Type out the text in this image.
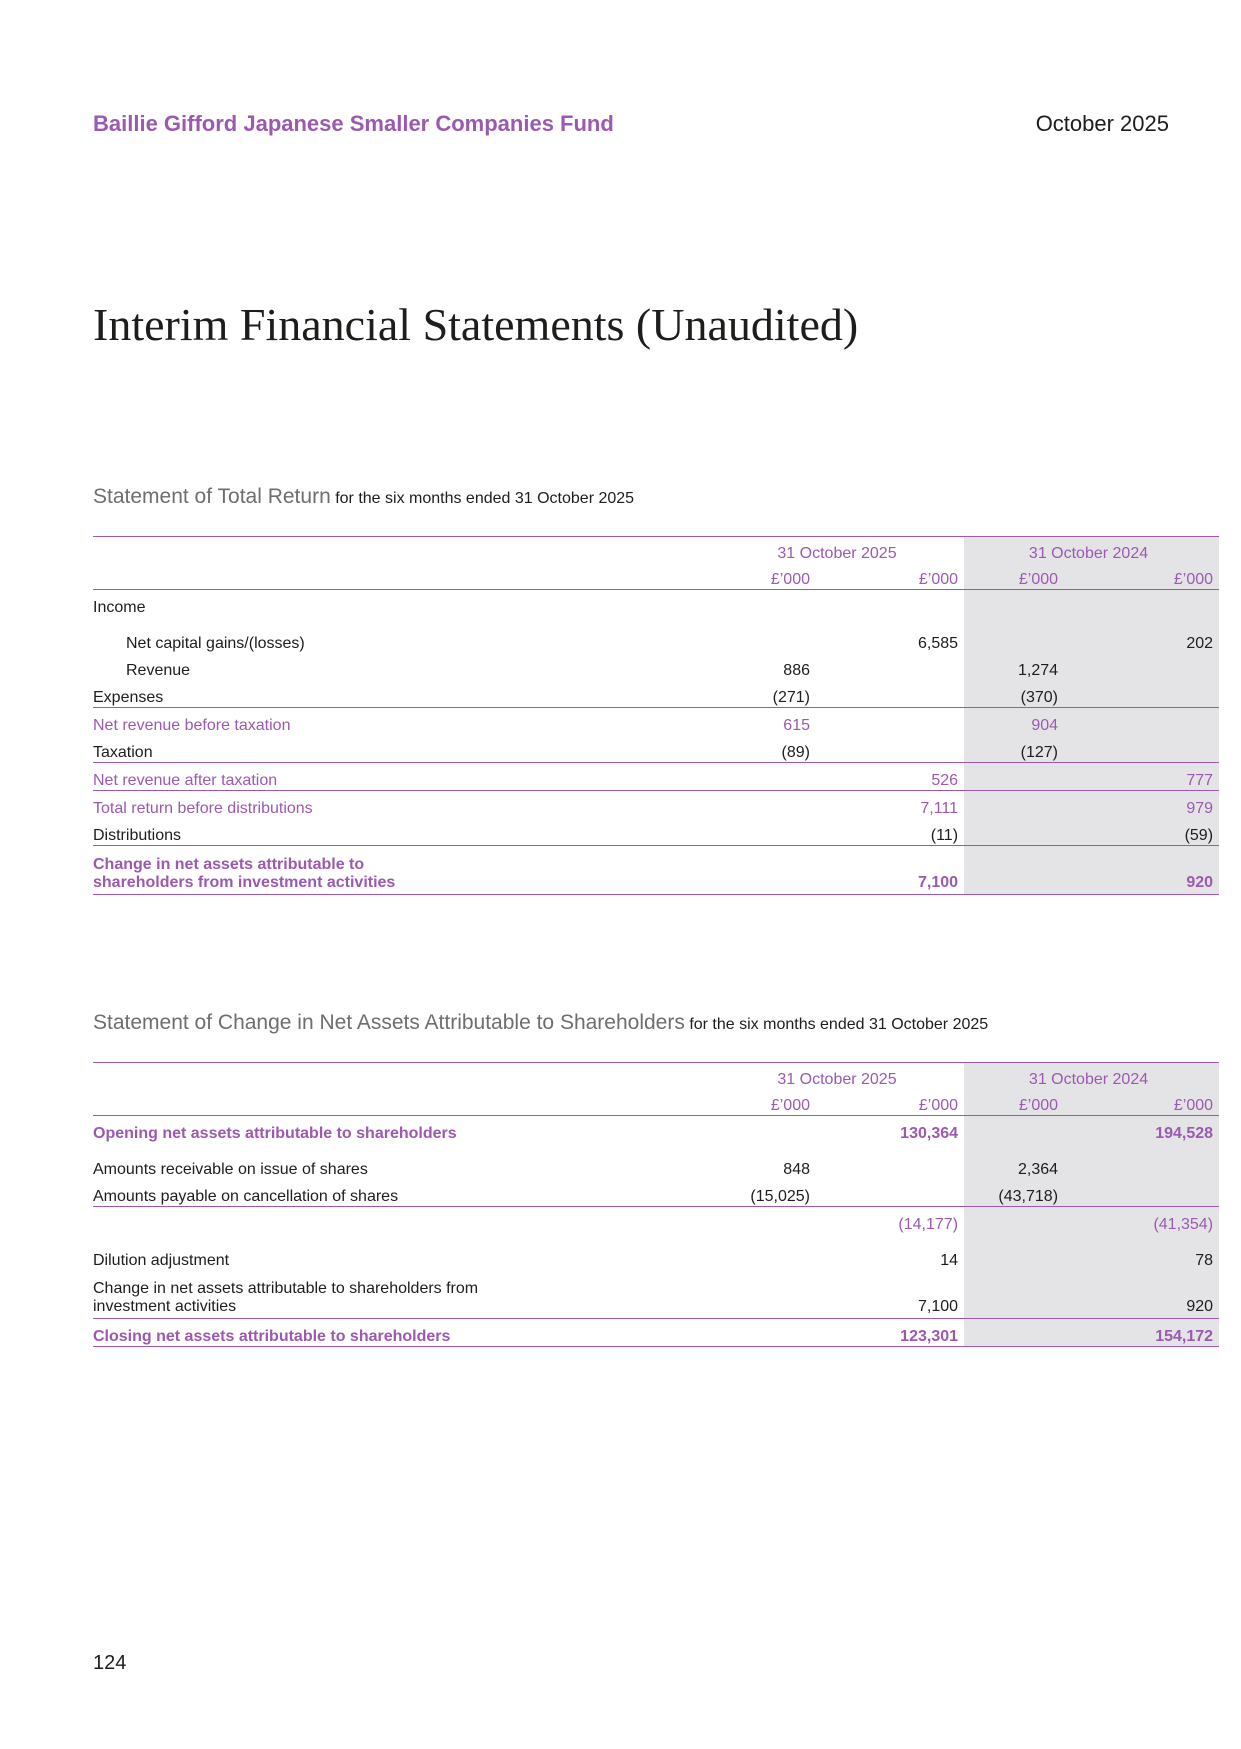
Baillie Gifford Japanese Smaller Companies Fund	October 2025
Interim Financial Statements (Unaudited)
Statement of Total Return for the six months ended 31 October 2025
	31 October 2025		31 October 2024	
	£’000	£’000	£’000	£’000
Income				
Net capital gains/(losses)		6,585		202
Revenue	886		1,274	
Expenses	(271)		(370)	
Net revenue before taxation	615		904	
Taxation	(89)		(127)	
Net revenue after taxation		526		777
Total return before distributions		7,111		979
Distributions		(11)		(59)
Change in net assets attributable to
shareholders from investment activities		7,100		920
Statement of Change in Net Assets Attributable to Shareholders for the six months ended 31 October 2025
	31 October 2025		31 October 2024	
	£’000	£’000	£’000	£’000
Opening net assets attributable to shareholders		130,364		194,528
Amounts receivable on issue of shares	848		2,364	
Amounts payable on cancellation of shares	(15,025)		(43,718)	
		(14,177)		(41,354)
Dilution adjustment		14		78
Change in net assets attributable to shareholders from
investment activities		7,100		920
Closing net assets attributable to shareholders		123,301		154,172
124
